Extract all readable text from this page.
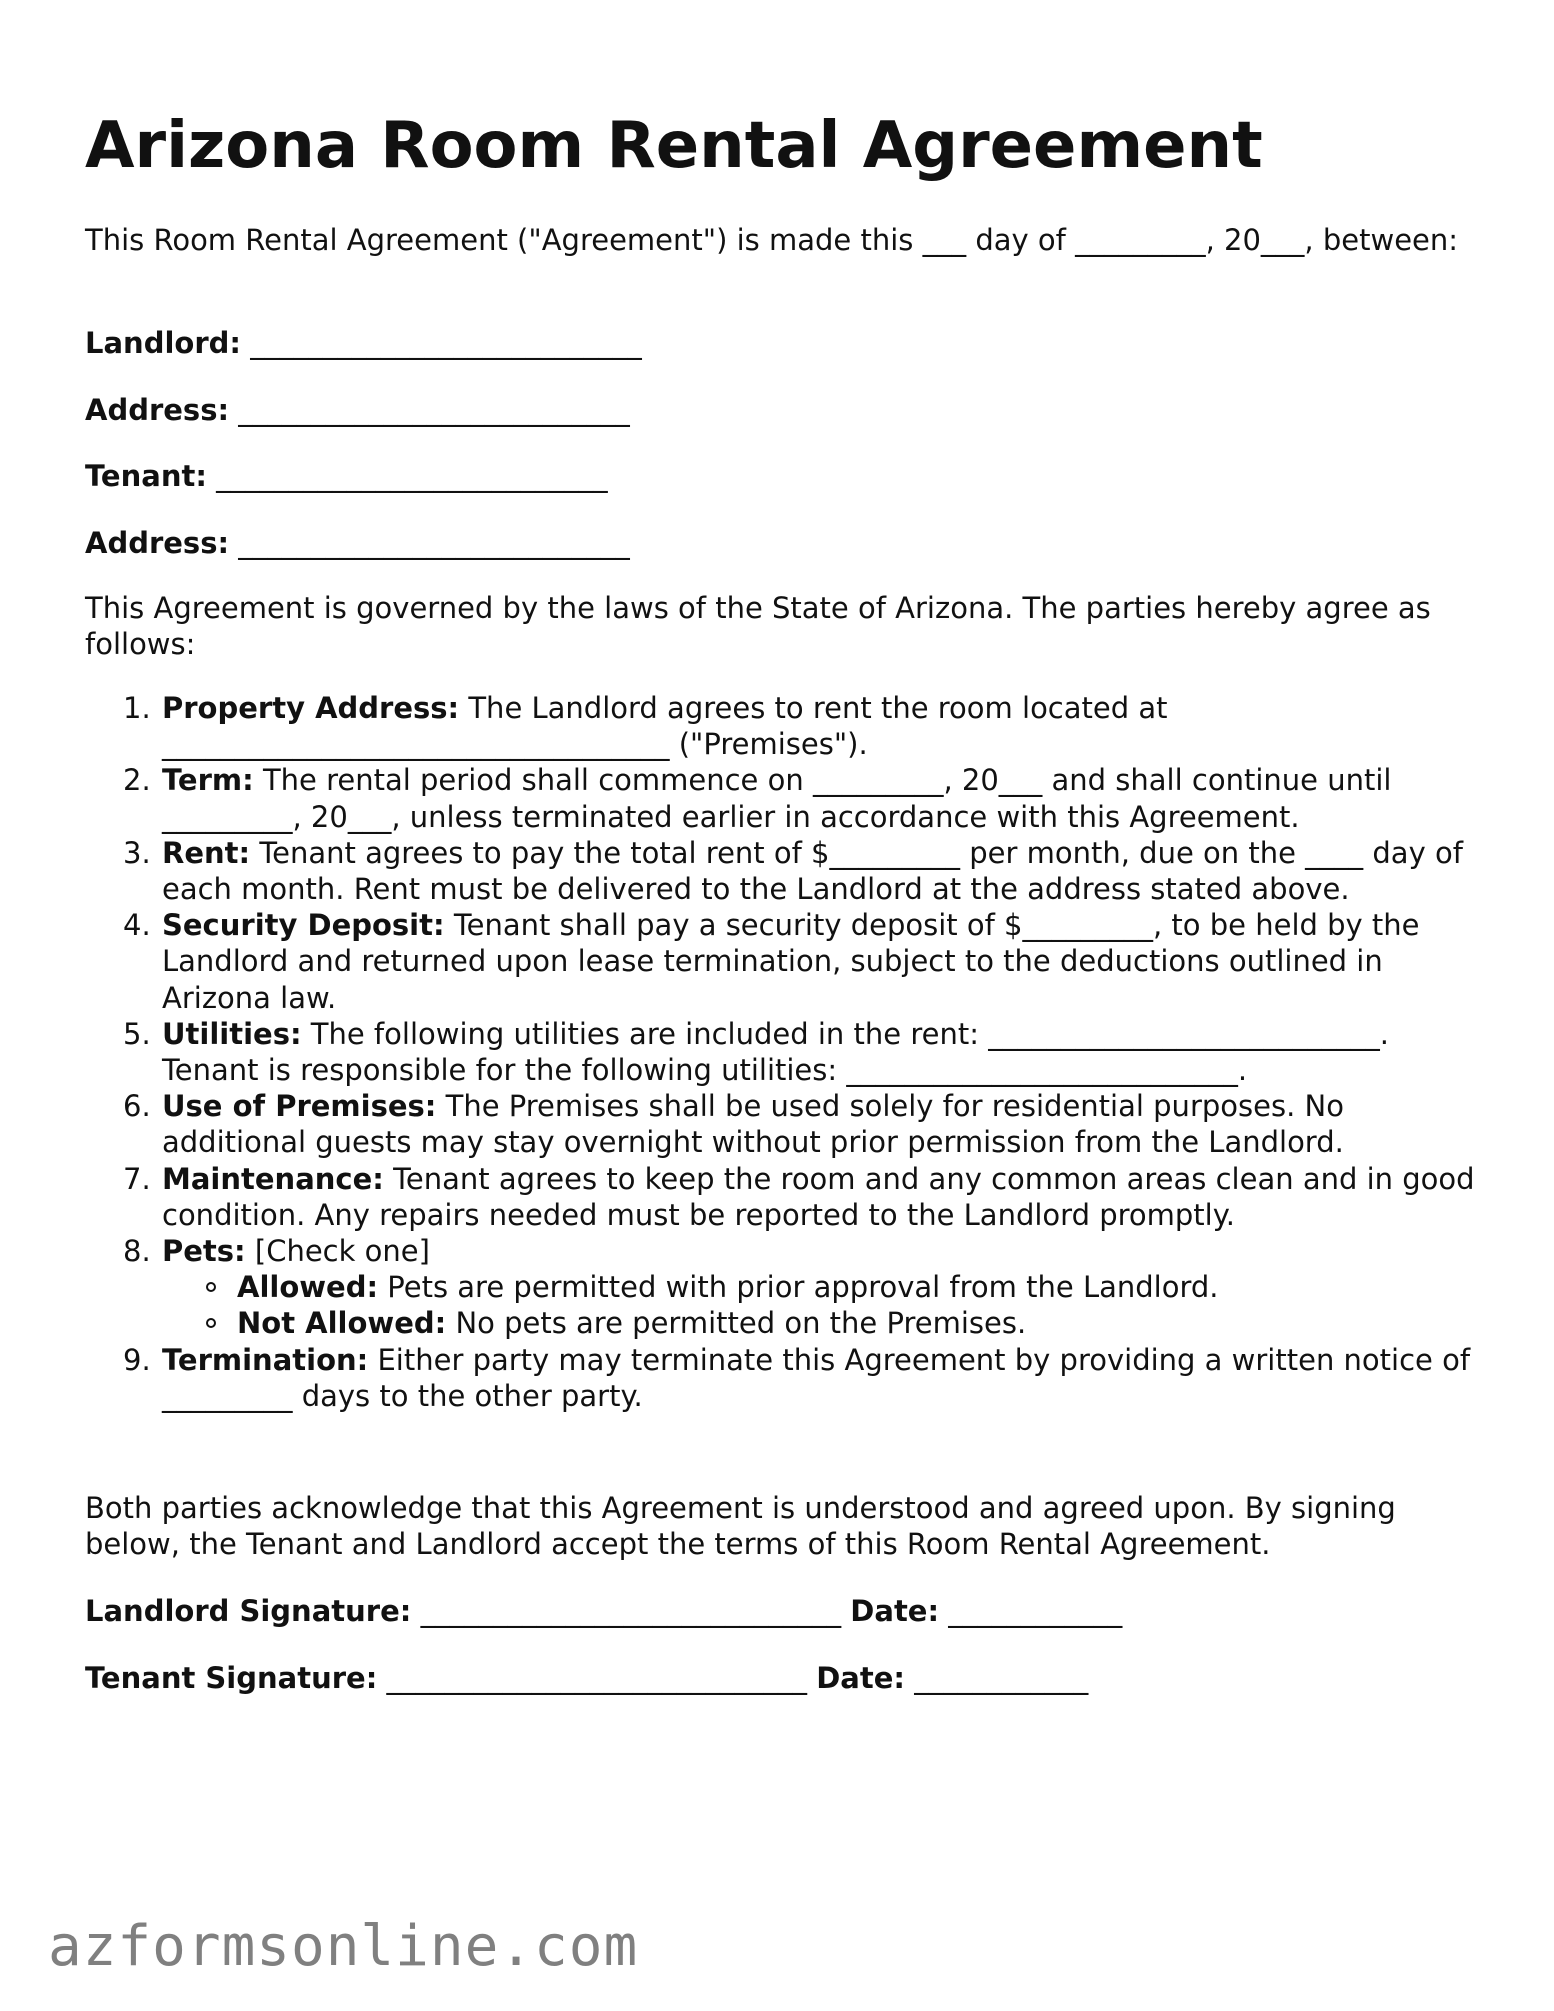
Arizona Room Rental Agreement

This Room Rental Agreement ("Agreement") is made this ___ day of _________, 20___, between:

Landlord: ___________________________
Address: ___________________________
Tenant: ___________________________
Address: ___________________________

This Agreement is governed by the laws of the State of Arizona. The parties hereby agree as follows:

1. Property Address: The Landlord agrees to rent the room located at ___________________________________ ("Premises").
2. Term: The rental period shall commence on _________, 20___ and shall continue until _________, 20___, unless terminated earlier in accordance with this Agreement.
3. Rent: Tenant agrees to pay the total rent of $_________ per month, due on the ____ day of each month. Rent must be delivered to the Landlord at the address stated above.
4. Security Deposit: Tenant shall pay a security deposit of $_________, to be held by the Landlord and returned upon lease termination, subject to the deductions outlined in Arizona law.
5. Utilities: The following utilities are included in the rent: ___________________________. Tenant is responsible for the following utilities: ___________________________.
6. Use of Premises: The Premises shall be used solely for residential purposes. No additional guests may stay overnight without prior permission from the Landlord.
7. Maintenance: Tenant agrees to keep the room and any common areas clean and in good condition. Any repairs needed must be reported to the Landlord promptly.
8. Pets: [Check one]
Allowed: Pets are permitted with prior approval from the Landlord.
Not Allowed: No pets are permitted on the Premises.
9. Termination: Either party may terminate this Agreement by providing a written notice of _________ days to the other party.

Both parties acknowledge that this Agreement is understood and agreed upon. By signing below, the Tenant and Landlord accept the terms of this Room Rental Agreement.

Landlord Signature: _____________________________ Date: ____________
Tenant Signature: _____________________________ Date: ____________
azformsonline.com
